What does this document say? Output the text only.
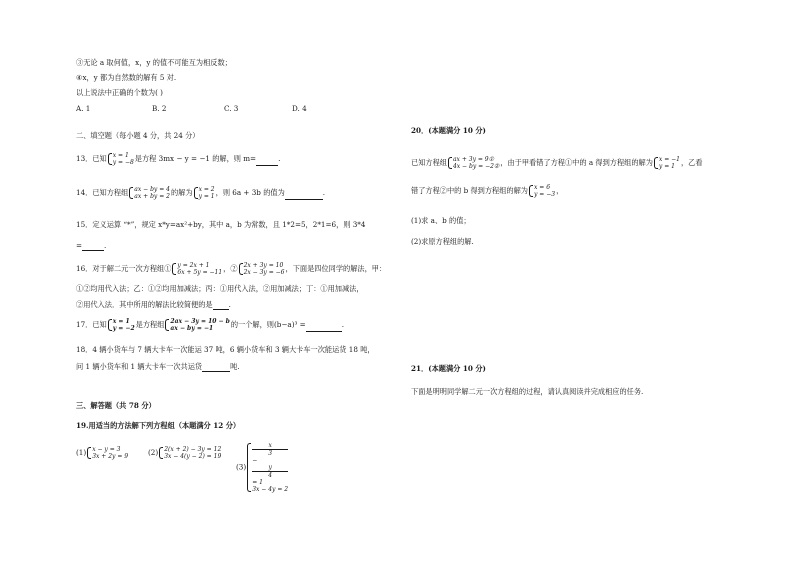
③无论 a 取何值，x，y 的值不可能互为相反数；
④x，y 都为自然数的解有 5 对.
以上说法中正确的个数为( )
A. 1	B. 2	C. 3	D. 4
二、填空题（每小题 4 分，共 24 分）
13．已知 x = 1
y = −8 是方程 3mx − y = −1 的解，则 m=	.
14．已知方程组 ax − by = 4
ax + by = 2 的解为 x = 2
y = 1 ，则 6a + 3b 的值为	.
15．定义运算 “*”，规定 x*y=ax²+by，其中 a，b 为常数，且 1*2=5，2*1=6，则 3*4
=	.
16．对于解二元一次方程组① y = 2x + 1
6x + 5y = −11 ，② 2x + 3y = 10
2x − 3y = −6 ，下面是四位同学的解法，甲：
①②均用代入法；乙：①②均用加减法；丙：①用代入法，②用加减法；丁：①用加减法，
②用代入法．其中所用的解法比较简便的是 .
17．已知 x = 1
y = −2 是方程组 2ax − 3y = 10 − b
ax − by = −1	的一个解，则(b−a)³ =	.
18．4 辆小货车与 7 辆大卡车一次能运 37 吨，6 辆小货车和 3 辆大卡车一次能运货 18 吨，
问 1 辆小货车和 1 辆大卡车一次共运货	吨.
三、解答题（共 78 分）
19.用适当的方法解下列方程组（本题满分 12 分）
(1) x − y = 3
3x + 2y = 9	(2) 2(x + 2) − 3y = 12
3x − 4(y − 2) = 19
(3)
x
3
−
y
4
= 1
3x − 4y = 2
20．(本题满分 10 分)
已知方程组 ax + 3y = 9①
4x − by = −2② ，由于甲看错了方程①中的 a 得到方程组的解为 x = −1
y = 1 ，乙看
错了方程②中的 b 得到方程组的解为 x = 6
y = −3 ，
(1)求 a、b 的值；
(2)求原方程组的解.
21．(本题满分 10 分)
下面是明明同学解二元一次方程组的过程，请认真阅读并完成相应的任务.
